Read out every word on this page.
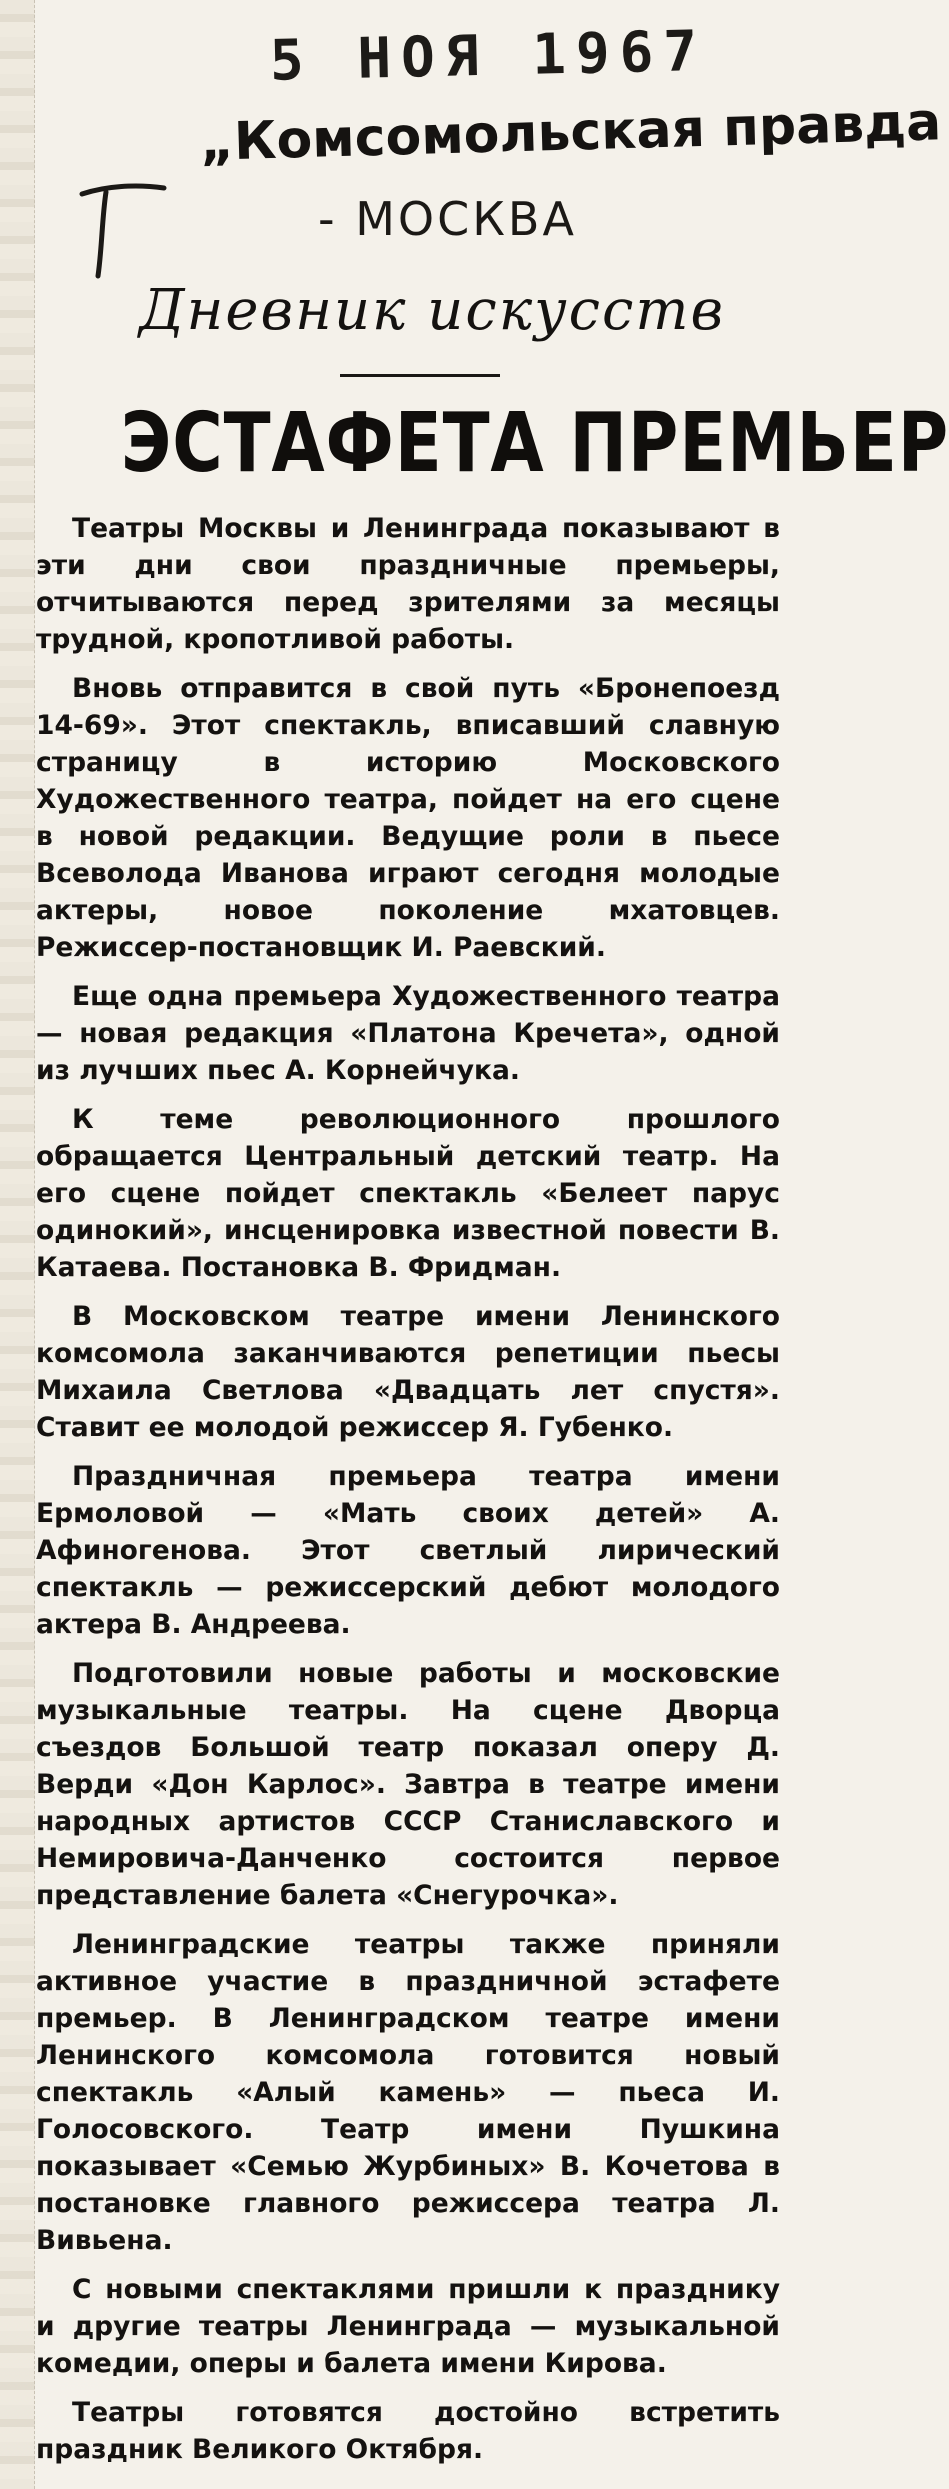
5 НОЯ 1967
„Комсомольская правда
- МОСКВА
Дневник искусств
ЭСТАФЕТА ПРЕМЬЕР

Театры Москвы и Ленинграда показывают в эти дни свои праздничные премьеры, отчитываются перед зрителями за месяцы трудной, кропотливой работы.

Вновь отправится в свой путь «Бронепоезд 14-69». Этот спектакль, вписавший славную страницу в историю Московского Художественного театра, пойдет на его сцене в новой редакции. Ведущие роли в пьесе Всеволода Иванова играют сегодня молодые актеры, новое поколение мхатовцев. Режиссер-постановщик И. Раевский.

Еще одна премьера Художественного театра — новая редакция «Платона Кречета», одной из лучших пьес А. Корнейчука.

К теме революционного прошлого обращается Центральный детский театр. На его сцене пойдет спектакль «Белеет парус одинокий», инсценировка известной повести В. Катаева. Постановка В. Фридман.

В Московском театре имени Ленинского комсомола заканчиваются репетиции пьесы Михаила Светлова «Двадцать лет спустя». Ставит ее молодой режиссер Я. Губенко.

Праздничная премьера театра имени Ермоловой — «Мать своих детей» А. Афиногенова. Этот светлый лирический спектакль — режиссерский дебют молодого актера В. Андреева.

Подготовили новые работы и московские музыкальные театры. На сцене Дворца съездов Большой театр показал оперу Д. Верди «Дон Карлос». Завтра в театре имени народных артистов СССР Станиславского и Немировича-Данченко состоится первое представление балета «Снегурочка».

Ленинградские театры также приняли активное участие в праздничной эстафете премьер. В Ленинградском театре имени Ленинского комсомола готовится новый спектакль «Алый камень» — пьеса И. Голосовского. Театр имени Пушкина показывает «Семью Журбиных» В. Кочетова в постановке главного режиссера театра Л. Вивьена.

С новыми спектаклями пришли к празднику и другие театры Ленинграда — музыкальной комедии, оперы и балета имени Кирова.

Театры готовятся достойно встретить праздник Великого Октября.
